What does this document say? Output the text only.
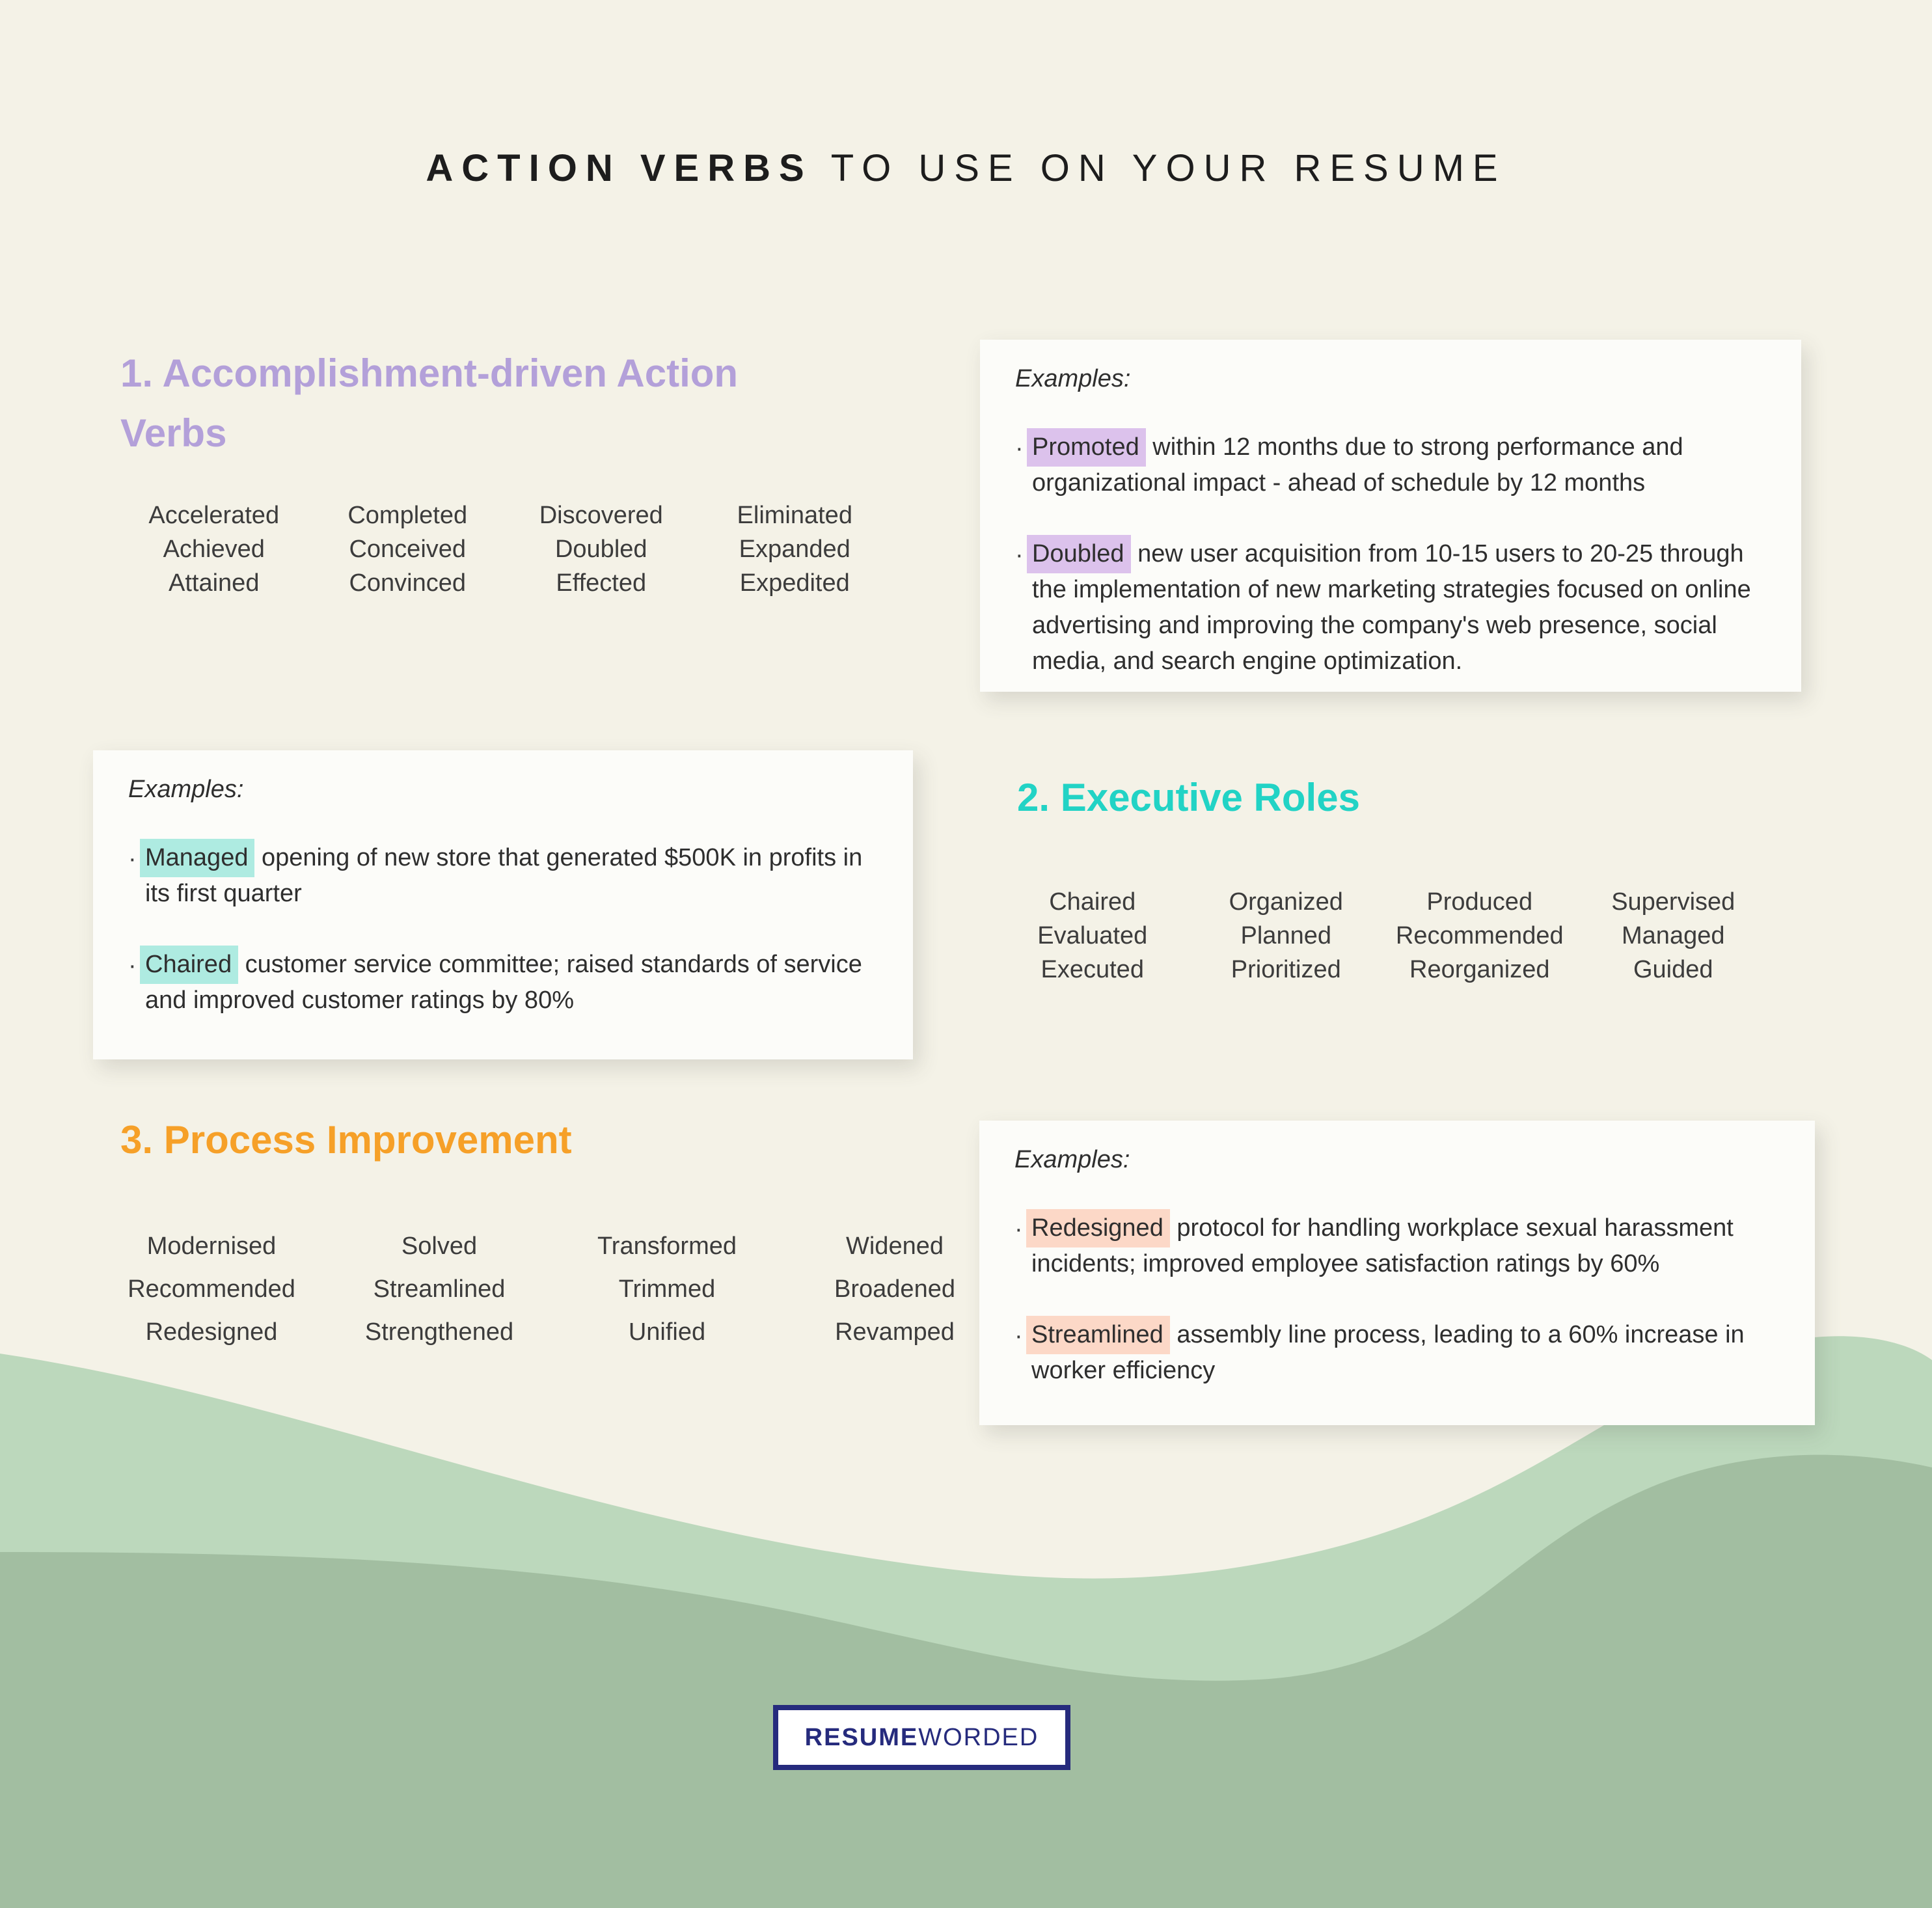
ACTION VERBS TO USE ON YOUR RESUME
1. Accomplishment-driven Action Verbs
Accelerated	Completed	Discovered	Eliminated
Achieved	Conceived	Doubled	Expanded
Attained	Convinced	Effected	Expedited

Examples:

· Promoted within 12 months due to strong performance and organizational impact - ahead of schedule by 12 months

· Doubled new user acquisition from 10-15 users to 20-25 through the implementation of new marketing strategies focused on online advertising and improving the company's web presence, social media, and search engine optimization.

Examples:

· Managed opening of new store that generated $500K in profits in its first quarter

· Chaired customer service committee; raised standards of service and improved customer ratings by 80%

2. Executive Roles
Chaired	Organized	Produced	Supervised
Evaluated	Planned	Recommended	Managed
Executed	Prioritized	Reorganized	Guided
3. Process Improvement
Modernised	Solved	Transformed	Widened
Recommended	Streamlined	Trimmed	Broadened
Redesigned	Strengthened	Unified	Revamped

Examples:

· Redesigned protocol for handling workplace sexual harassment incidents; improved employee satisfaction ratings by 60%

· Streamlined assembly line process, leading to a 60% increase in worker efficiency

RESUME WORDED
